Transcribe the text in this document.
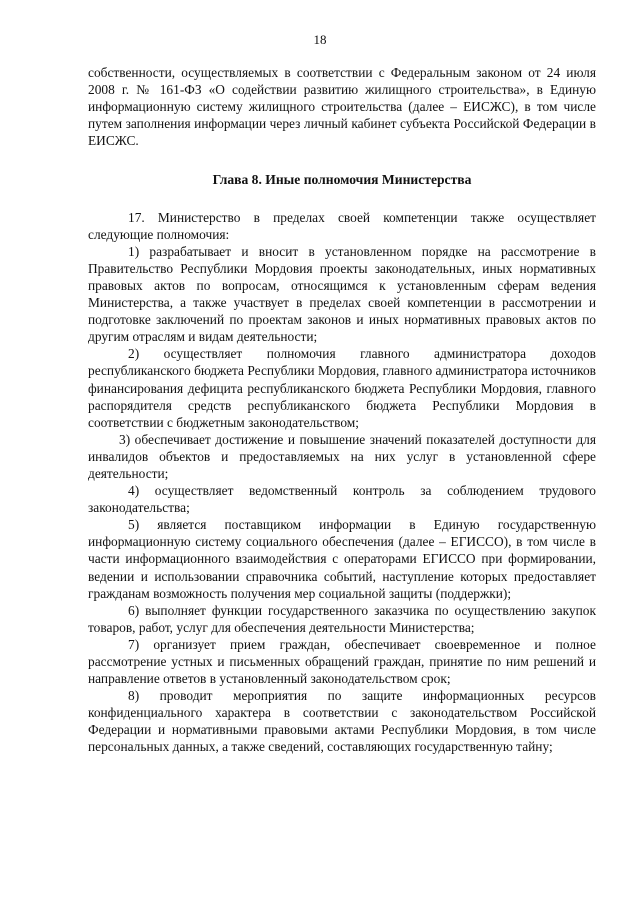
18

собственности, осуществляемых в соответствии с Федеральным законом от 24 июля 2008 г. № 161-ФЗ «О содействии развитию жилищного строительства», в Единую информационную систему жилищного строительства (далее – ЕИСЖС), в том числе путем заполнения информации через личный кабинет субъекта Российской Федерации в ЕИСЖС.

Глава 8. Иные полномочия Министерства

17. Министерство в пределах своей компетенции также осуществляет следующие полномочия:

1) разрабатывает и вносит в установленном порядке на рассмотрение в Правительство Республики Мордовия проекты законодательных, иных нормативных правовых актов по вопросам, относящимся к установленным сферам ведения Министерства, а также участвует в пределах своей компетенции в рассмотрении и подготовке заключений по проектам законов и иных нормативных правовых актов по другим отраслям и видам деятельности;

2) осуществляет полномочия главного администратора доходов республиканского бюджета Республики Мордовия, главного администратора источников финансирования дефицита республиканского бюджета Республики Мордовия, главного распорядителя средств республиканского бюджета Республики Мордовия в соответствии с бюджетным законодательством;

3) обеспечивает достижение и повышение значений показателей доступности для инвалидов объектов и предоставляемых на них услуг в установленной сфере деятельности;

4) осуществляет ведомственный контроль за соблюдением трудового законодательства;

5) является поставщиком информации в Единую государственную информационную систему социального обеспечения (далее – ЕГИССО), в том числе в части информационного взаимодействия с операторами ЕГИССО при формировании, ведении и использовании справочника событий, наступление которых предоставляет гражданам возможность получения мер социальной защиты (поддержки);

6) выполняет функции государственного заказчика по осуществлению закупок товаров, работ, услуг для обеспечения деятельности Министерства;

7) организует прием граждан, обеспечивает своевременное и полное рассмотрение устных и письменных обращений граждан, принятие по ним решений и направление ответов в установленный законодательством срок;

8) проводит мероприятия по защите информационных ресурсов конфиденциального характера в соответствии с законодательством Российской Федерации и нормативными правовыми актами Республики Мордовия, в том числе персональных данных, а также сведений, составляющих государственную тайну;
